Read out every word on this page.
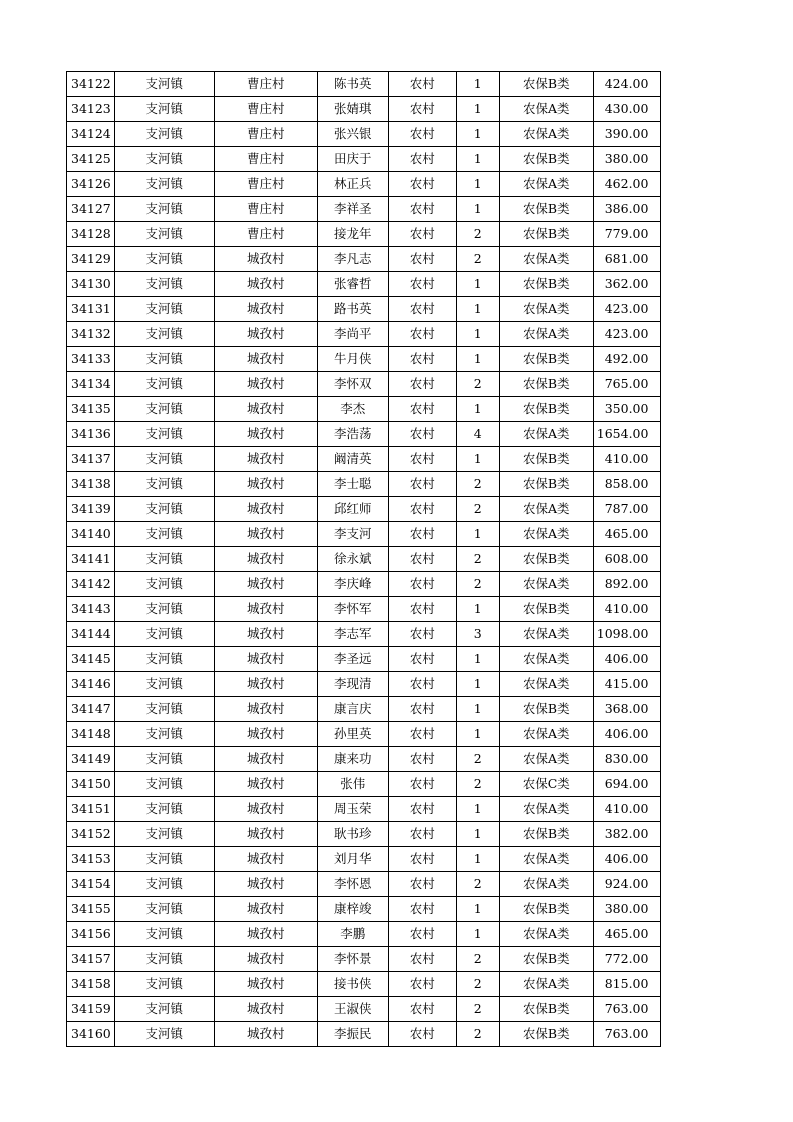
34122	支河镇	曹庄村	陈书英	农村	1	农保B类	424.00
34123	支河镇	曹庄村	张婧琪	农村	1	农保A类	430.00
34124	支河镇	曹庄村	张兴银	农村	1	农保A类	390.00
34125	支河镇	曹庄村	田庆于	农村	1	农保B类	380.00
34126	支河镇	曹庄村	林正兵	农村	1	农保A类	462.00
34127	支河镇	曹庄村	李祥圣	农村	1	农保B类	386.00
34128	支河镇	曹庄村	接龙年	农村	2	农保B类	779.00
34129	支河镇	城孜村	李凡志	农村	2	农保A类	681.00
34130	支河镇	城孜村	张睿哲	农村	1	农保B类	362.00
34131	支河镇	城孜村	路书英	农村	1	农保A类	423.00
34132	支河镇	城孜村	李尚平	农村	1	农保A类	423.00
34133	支河镇	城孜村	牛月侠	农村	1	农保B类	492.00
34134	支河镇	城孜村	李怀双	农村	2	农保B类	765.00
34135	支河镇	城孜村	李杰	农村	1	农保B类	350.00
34136	支河镇	城孜村	李浩荡	农村	4	农保A类	1654.00
34137	支河镇	城孜村	阚清英	农村	1	农保B类	410.00
34138	支河镇	城孜村	李士聪	农村	2	农保B类	858.00
34139	支河镇	城孜村	邱红师	农村	2	农保A类	787.00
34140	支河镇	城孜村	李支河	农村	1	农保A类	465.00
34141	支河镇	城孜村	徐永斌	农村	2	农保B类	608.00
34142	支河镇	城孜村	李庆峰	农村	2	农保A类	892.00
34143	支河镇	城孜村	李怀军	农村	1	农保B类	410.00
34144	支河镇	城孜村	李志军	农村	3	农保A类	1098.00
34145	支河镇	城孜村	李圣远	农村	1	农保A类	406.00
34146	支河镇	城孜村	李现清	农村	1	农保A类	415.00
34147	支河镇	城孜村	康言庆	农村	1	农保B类	368.00
34148	支河镇	城孜村	孙里英	农村	1	农保A类	406.00
34149	支河镇	城孜村	康来功	农村	2	农保A类	830.00
34150	支河镇	城孜村	张伟	农村	2	农保C类	694.00
34151	支河镇	城孜村	周玉荣	农村	1	农保A类	410.00
34152	支河镇	城孜村	耿书珍	农村	1	农保B类	382.00
34153	支河镇	城孜村	刘月华	农村	1	农保A类	406.00
34154	支河镇	城孜村	李怀恩	农村	2	农保A类	924.00
34155	支河镇	城孜村	康梓竣	农村	1	农保B类	380.00
34156	支河镇	城孜村	李鹏	农村	1	农保A类	465.00
34157	支河镇	城孜村	李怀景	农村	2	农保B类	772.00
34158	支河镇	城孜村	接书侠	农村	2	农保A类	815.00
34159	支河镇	城孜村	王淑侠	农村	2	农保B类	763.00
34160	支河镇	城孜村	李振民	农村	2	农保B类	763.00
